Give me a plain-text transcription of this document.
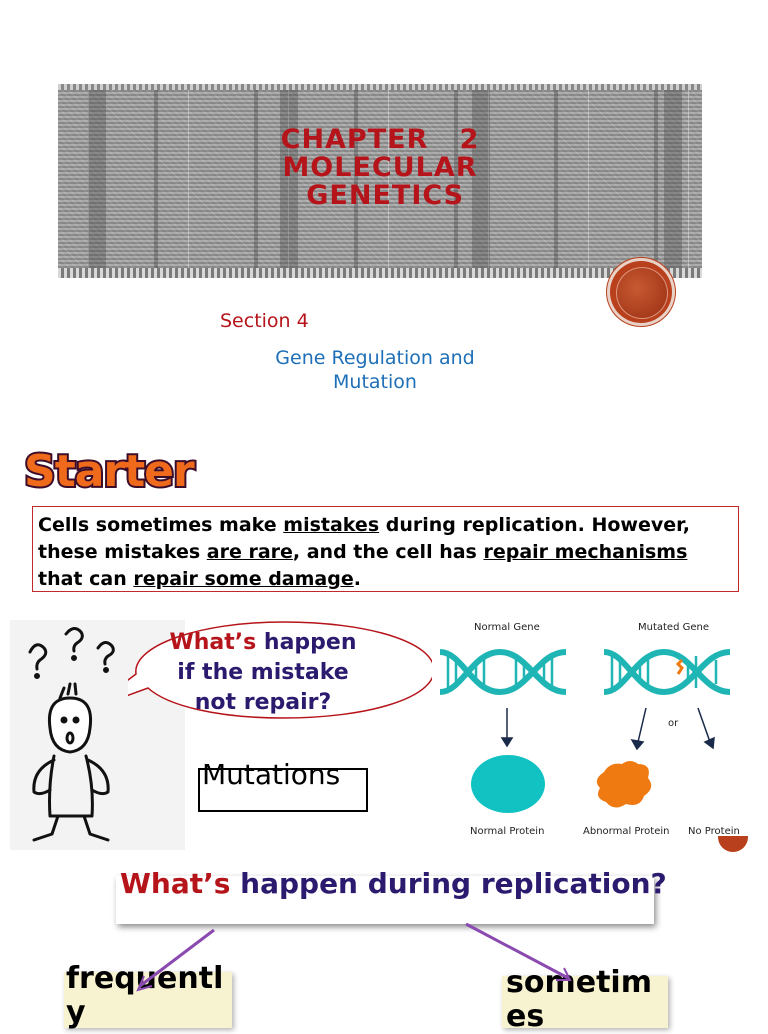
CHAPTER   2
MOLECULAR
GENETICS
Section 4
Gene Regulation and Mutation
Starter
Cells sometimes make mistakes during replication. However, these mistakes are rare, and the cell has repair mechanisms that can repair some damage.
What’s happen if the mistake not repair?
Mutations
Normal Gene	Mutated Gene
or
Normal Protein	Abnormal Protein No Protein
What’s happen during replication?
frequently
sometimes
